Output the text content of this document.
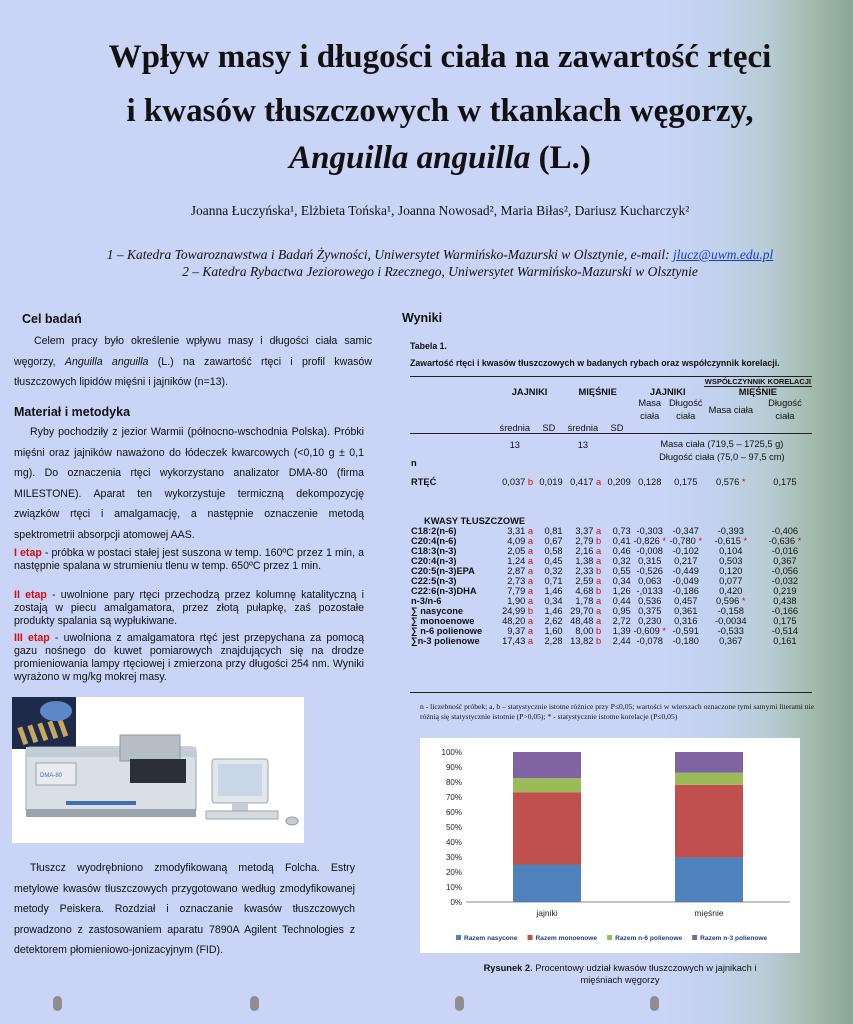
Wpływ masy i długości ciała na zawartość rtęci
i kwasów tłuszczowych w tkankach węgorzy,
Anguilla anguilla (L.)
Joanna Łuczyńska¹, Elżbieta Tońska¹, Joanna Nowosad², Maria Biłas², Dariusz Kucharczyk²
1 – Katedra Towaroznawstwa i Badań Żywności, Uniwersytet Warmińsko-Mazurski w Olsztynie, e-mail: jlucz@uwm.edu.pl
2 – Katedra Rybactwa Jeziorowego i Rzecznego, Uniwersytet Warmińsko-Mazurski w Olsztynie
Cel badań
Celem pracy było określenie wpływu masy i długości ciała samic węgorzy, Anguilla anguilla (L.) na zawartość rtęci i profil kwasów tłuszczowych lipidów mięśni i jajników (n=13).
Materiał i metodyka
Ryby pochodziły z jezior Warmii (północno-wschodnia Polska). Próbki mięśni oraz jajników naważono do łódeczek kwarcowych (<0,10 g ± 0,1 mg). Do oznaczenia rtęci wykorzystano analizator DMA-80 (firma MILESTONE). Aparat ten wykorzystuje termiczną dekompozycję związków rtęci i amalgamację, a następnie oznaczenie metodą spektrometrii absorpcji atomowej AAS.
I etap - próbka w postaci stałej jest suszona w temp. 160ºC przez 1 min, a następnie spalana w strumieniu tlenu w temp. 650ºC przez 1 min.
II etap - uwolnione pary rtęci przechodzą przez kolumnę katalityczną i zostają w piecu amalgamatora, przez złotą pułapkę, zaś pozostałe produkty spalania są wypłukiwane.
III etap - uwolniona z amalgamatora rtęć jest przepychana za pomocą gazu nośnego do kuwet pomiarowych znajdujących się na drodze promieniowania lampy rtęciowej i zmierzona przy długości 254 nm. Wyniki wyrażono w mg/kg mokrej masy.
DMA-80
Tłuszcz wyodrębniono zmodyfikowaną metodą Folcha. Estry metylowe kwasów tłuszczowych przygotowano według zmodyfikowanej metody Peiskera. Rozdział i oznaczanie kwasów tłuszczowych prowadzono z zastosowaniem aparatu 7890A Agilent Technologies z detektorem płomieniowo-jonizacyjnym (FID).
Wyniki
Tabela 1.
Zawartość rtęci i kwasów tłuszczowych w badanych rybach oraz współczynnik korelacji.
							WSPÓŁCZYNNIK KORELACJI	
	JAJNIKI		MIĘŚNIE		JAJNIKI		MIĘŚNIE	
					Masa ciała	Długość ciała	Masa ciała	Długość ciała
	średnia	SD	średnia	SD				
n	13		13		Masa ciała (719,5 – 1725,5 g)
Długość ciała (75,0 – 97,5 cm)			

RTĘĆ	0,037 b	0,019	0,417 a	0,209	0,128	0,175	0,576 *	0,175
KWASY TŁUSZCZOWE								
C18:2(n-6)	3,31 a	0,81	3,37 a	0,73	-0,303	-0,347	-0,393	-0,406
C20:4(n-6)	4,09 a	0,67	2,79 b	0,41	-0,826 *	-0,780 *	-0,615 *	-0,636 *
C18:3(n-3)	2,05 a	0,58	2,16 a	0,46	-0,008	-0,102	0,104	-0,016
C20:4(n-3)	1,24 a	0,45	1,38 a	0,32	0,315	0,217	0,503	0,367
C20:5(n-3)EPA	2,87 a	0,32	2,33 b	0,55	-0,526	-0,449	0,120	-0,056
C22:5(n-3)	2,73 a	0,71	2,59 a	0,34	0,063	-0,049	0,077	-0,032
C22:6(n-3)DHA	7,79 a	1,46	4,68 b	1,26	-,0133	-0,186	0,420	0,219
n-3/n-6	1,90 a	0,34	1,78 a	0,44	0,536	0,457	0,596 *	0,438
∑ nasycone	24,99 b	1,46	29,70 a	0,95	0,375	0,361	-0,158	-0,166
∑ monoenowe	48,20 a	2,62	48,48 a	2,72	0,230	0,316	-0,0034	0,175
∑ n-6 polienowe	9,37 a	1,60	8,00 b	1,39	-0,609 *	-0,591	-0,533	-0,514
∑n-3 polienowe	17,43 a	2,28	13,82 b	2,44	-0,078	-0,180	0,367	0,161
n - liczebność próbek; a, b – statystycznie istotne różnice przy P≤0,05; wartości w wierszach oznaczone tymi samymi literami nie różnią się statystycznie istotnie (P>0,05); * - statystycznie istotne korelacje (P≤0,05)
0%
10%
20%
30%
40%
50%
60%
70%
80%
90%
100%
jajniki	mięśnie
Razem nasycone	Razem monoenowe	Razem n-6 polienowe	Razem n-3 polienowe
Rysunek 2. Procentowy udział kwasów tłuszczowych w jajnikach i mięśniach węgorzy
